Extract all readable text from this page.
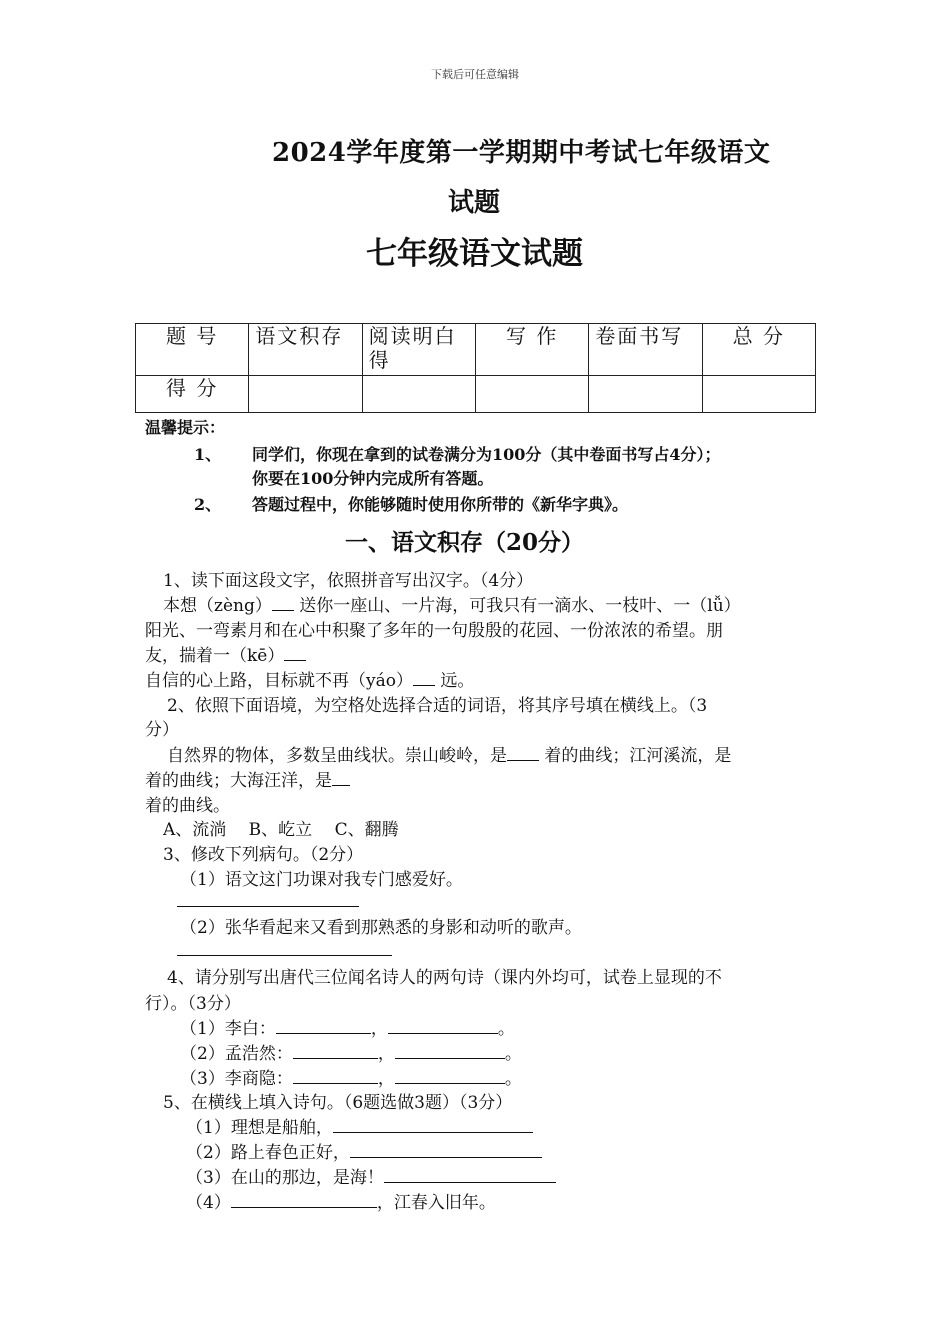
下载后可任意编辑
2024学年度第一学期期中考试七年级语文
试题
七年级语文试题
题 号	语文积存	阅读明白得	写 作	卷面书写	总 分
得 分					
温馨提示：
1、 同学们，你现在拿到的试卷满分为100分（其中卷面书写占4分）；
你要在100分钟内完成所有答题。
2、 答题过程中，你能够随时使用你所带的《新华字典》。
一、语文积存（20分）
1、读下面这段文字，依照拼音写出汉字。（4分）
本想（zèng） 送你一座山、一片海，可我只有一滴水、一枝叶、一（lǚ）
阳光、一弯素月和在心中积聚了多年的一句殷殷的花园、一份浓浓的希望。朋
友，揣着一（kē）
自信的心上路，目标就不再（yáo） 远。
2、依照下面语境，为空格处选择合适的词语，将其序号填在横线上。（3
分）
自然界的物体，多数呈曲线状。崇山峻岭，是 着的曲线；江河溪流，是
着的曲线；大海汪洋，是
着的曲线。
A、流淌　 B、屹立 　C、翻腾
3、修改下列病句。（2分）
（1）语文这门功课对我专门感爱好。
（2）张华看起来又看到那熟悉的身影和动听的歌声。
4、请分别写出唐代三位闻名诗人的两句诗（课内外均可，试卷上显现的不
行）。（3分）
（1）李白：	，	。
（2）孟浩然：	，	。
（3）李商隐：	，	。
5、在横线上填入诗句。（6题选做3题）（3分）
（1）理想是船舶，
（2）路上春色正好，
（3）在山的那边，是海！
（4）	，江春入旧年。
